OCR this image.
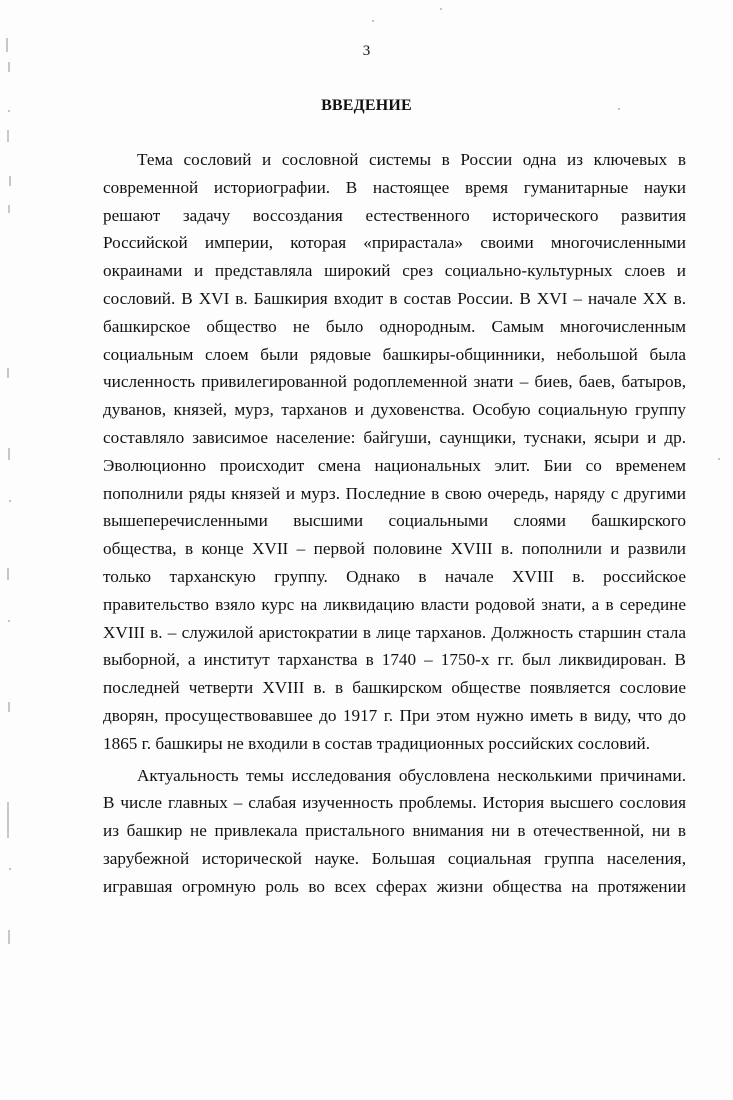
3
ВВЕДЕНИЕ

Тема сословий и сословной системы в России одна из ключевых в
современной историографии. В настоящее время гуманитарные науки
решают задачу воссоздания естественного исторического развития
Российской империи, которая «прирастала» своими многочисленными
окраинами и представляла широкий срез социально-культурных слоев и
сословий. В XVI в. Башкирия входит в состав России. В XVI – начале XX в.
башкирское общество не было однородным. Самым многочисленным
социальным слоем были рядовые башкиры-общинники, небольшой была
численность привилегированной родоплеменной знати – биев, баев, батыров,
дуванов, князей, мурз, тарханов и духовенства. Особую социальную группу
составляло зависимое население: байгуши, саунщики, туснаки, ясыри и др.
Эволюционно происходит смена национальных элит. Бии со временем
пополнили ряды князей и мурз. Последние в свою очередь, наряду с другими
вышеперечисленными высшими социальными слоями башкирского
общества, в конце XVII – первой половине XVIII в. пополнили и развили
только тарханскую группу. Однако в начале XVIII в. российское
правительство взяло курс на ликвидацию власти родовой знати, а в середине
XVIII в. – служилой аристократии в лице тарханов. Должность старшин стала
выборной, а институт тарханства в 1740 – 1750-х гг. был ликвидирован. В
последней четверти XVIII в. в башкирском обществе появляется сословие
дворян, просуществовавшее до 1917 г. При этом нужно иметь в виду, что до
1865 г. башкиры не входили в состав традиционных российских сословий.

Актуальность темы исследования обусловлена несколькими причинами.
В числе главных – слабая изученность проблемы. История высшего сословия
из башкир не привлекала пристального внимания ни в отечественной, ни в
зарубежной исторической науке. Большая социальная группа населения,
игравшая огромную роль во всех сферах жизни общества на протяжении
